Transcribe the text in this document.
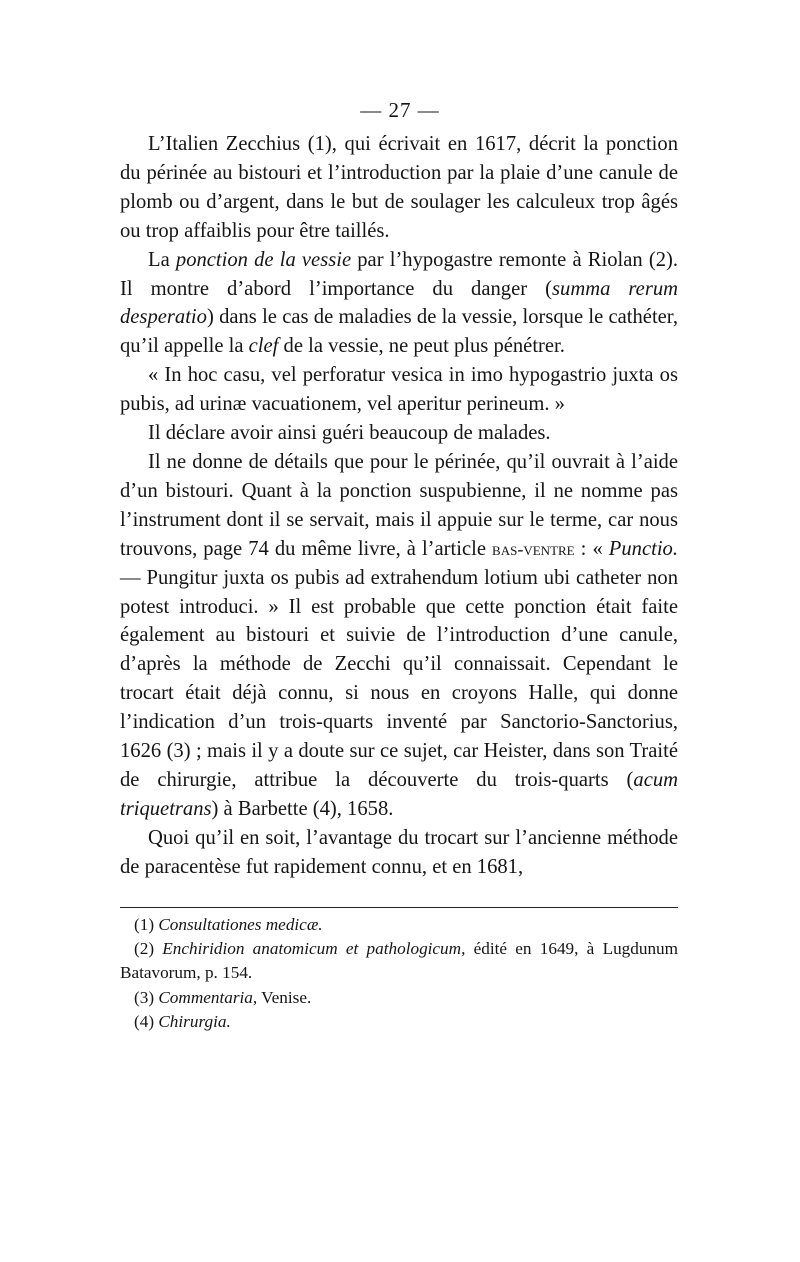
— 27 —

L’Italien Zecchius (1), qui écrivait en 1617, décrit la ponction du périnée au bistouri et l’introduction par la plaie d’une canule de plomb ou d’argent, dans le but de soulager les calculeux trop âgés ou trop affaiblis pour être taillés.

La ponction de la vessie par l’hypogastre remonte à Riolan (2). Il montre d’abord l’importance du danger (summa rerum desperatio) dans le cas de maladies de la vessie, lorsque le cathéter, qu’il appelle la clef de la vessie, ne peut plus pénétrer.

« In hoc casu, vel perforatur vesica in imo hypogastrio juxta os pubis, ad urinæ vacuationem, vel aperitur perineum. »

Il déclare avoir ainsi guéri beaucoup de malades.

Il ne donne de détails que pour le périnée, qu’il ouvrait à l’aide d’un bistouri. Quant à la ponction suspubienne, il ne nomme pas l’instrument dont il se servait, mais il appuie sur le terme, car nous trouvons, page 74 du même livre, à l’article bas-ventre : « Punctio. — Pungitur juxta os pubis ad extrahendum lotium ubi catheter non potest introduci. » Il est probable que cette ponction était faite également au bistouri et suivie de l’introduction d’une canule, d’après la méthode de Zecchi qu’il connaissait. Cependant le trocart était déjà connu, si nous en croyons Halle, qui donne l’indication d’un trois-quarts inventé par Sanctorio-Sanctorius, 1626 (3) ; mais il y a doute sur ce sujet, car Heister, dans son Traité de chirurgie, attribue la découverte du trois-quarts (acum triquetrans) à Barbette (4), 1658.

Quoi qu’il en soit, l’avantage du trocart sur l’ancienne méthode de paracentèse fut rapidement connu, et en 1681,

(1) Consultationes medicæ.

(2) Enchiridion anatomicum et pathologicum, édité en 1649, à Lugdunum Batavorum, p. 154.

(3) Commentaria, Venise.

(4) Chirurgia.
